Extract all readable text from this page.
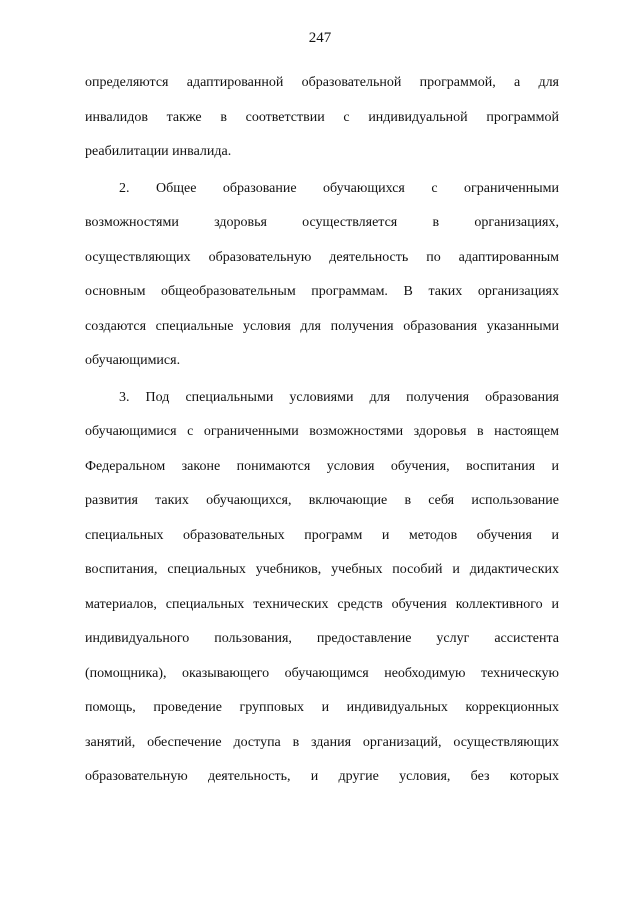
247
определяются адаптированной образовательной программой, а для
инвалидов также в соответствии с индивидуальной программой
реабилитации инвалида.
2. Общее образование обучающихся с ограниченными
возможностями здоровья осуществляется в организациях,
осуществляющих образовательную деятельность по адаптированным
основным общеобразовательным программам. В таких организациях
создаются специальные условия для получения образования указанными
обучающимися.
3. Под специальными условиями для получения образования
обучающимися с ограниченными возможностями здоровья в настоящем
Федеральном законе понимаются условия обучения, воспитания и
развития таких обучающихся, включающие в себя использование
специальных образовательных программ и методов обучения и
воспитания, специальных учебников, учебных пособий и дидактических
материалов, специальных технических средств обучения коллективного и
индивидуального пользования, предоставление услуг ассистента
(помощника), оказывающего обучающимся необходимую техническую
помощь, проведение групповых и индивидуальных коррекционных
занятий, обеспечение доступа в здания организаций, осуществляющих
образовательную деятельность, и другие условия, без которых
